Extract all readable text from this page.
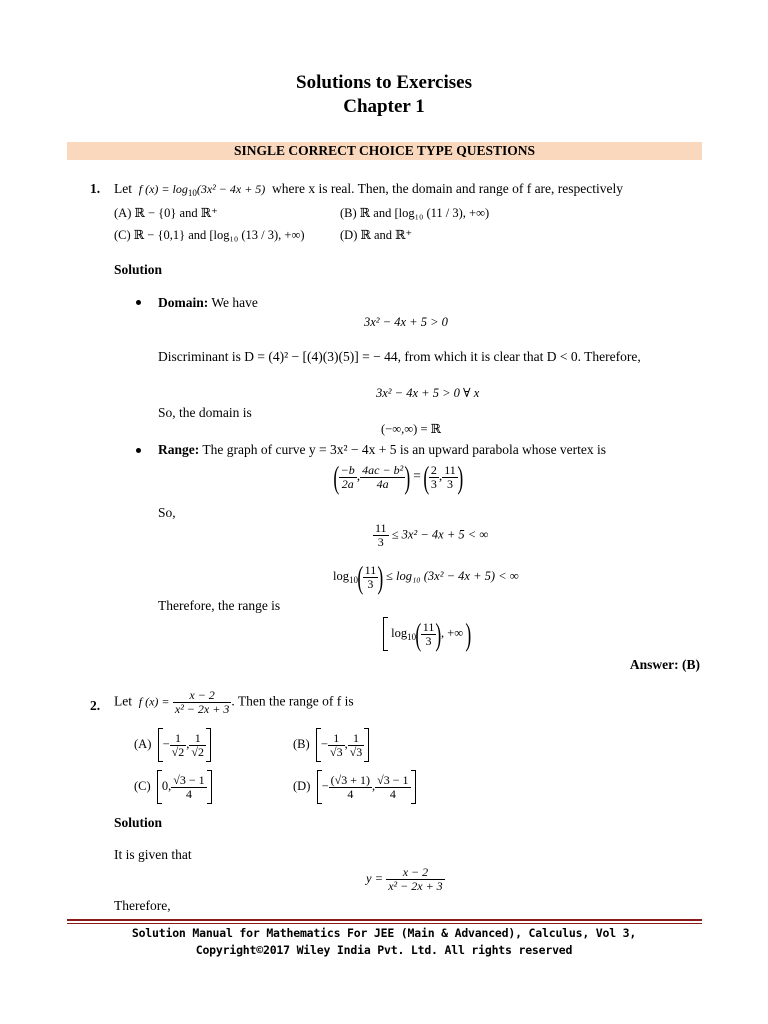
Solutions to Exercises
Chapter 1
SINGLE CORRECT CHOICE TYPE QUESTIONS
1. Let f $(x) = \log_{10}(3x^2 - 4x + 5)$ where x is real. Then, the domain and range of f are, respectively
(A) ℝ − {0} and ℝ⁺	(B) ℝ and [log₁₀ (11 / 3), +∞)
(C) ℝ − {0,1} and [log₁₀ (13 / 3), +∞)	(D) ℝ and ℝ⁺
Solution
Domain: We have
3x² − 4x + 5 > 0
Discriminant is D = (4)² − [(4)(3)(5)] = − 44, from which it is clear that D < 0. Therefore,
3x² − 4x + 5 > 0 ∀ x
So, the domain is
(−∞,∞) = ℝ
Range: The graph of curve y = 3x² − 4x + 5 is an upward parabola whose vertex is
( $\frac{-b}{2a}$ , $\frac{\text{4ac − b²}}{4a}$ ) = ( $\frac{2}{3}$ , $\frac{11}{3}$ )
So,
$\frac{11}{3} \le 3x^2 - 4x + 5$ < ∞
$\log_{10}( \frac{11}{3}$ ) ≤ log₁₀ (3x² − 4x + 5) < ∞
Therefore, the range is
$\log_{10}( \frac{11}{3}$ ), +∞ )
Answer: (B)
2. Let f $(x) = \frac{x - 2}{\text{x² − 2x + 3}}$ . Then the range of f is
$(A) - \frac{1}{√2}$ , $\frac{1}{√2}$	$(B) - \frac{1}{√3}$ , $\frac{1}{√3}$
(C) 0, $\frac{√3 - 1}{4}$	$(D) - \frac{(√3 + 1)}{4}$ , $\frac{√3 - 1}{4}$
Solution
It is given that
$y = \frac{x - 2}{\text{x² − 2x + 3}}$
Therefore,
Solution Manual for Mathematics For JEE (Main & Advanced), Calculus, Vol 3,
Copyright©2017 Wiley India Pvt. Ltd. All rights reserved
